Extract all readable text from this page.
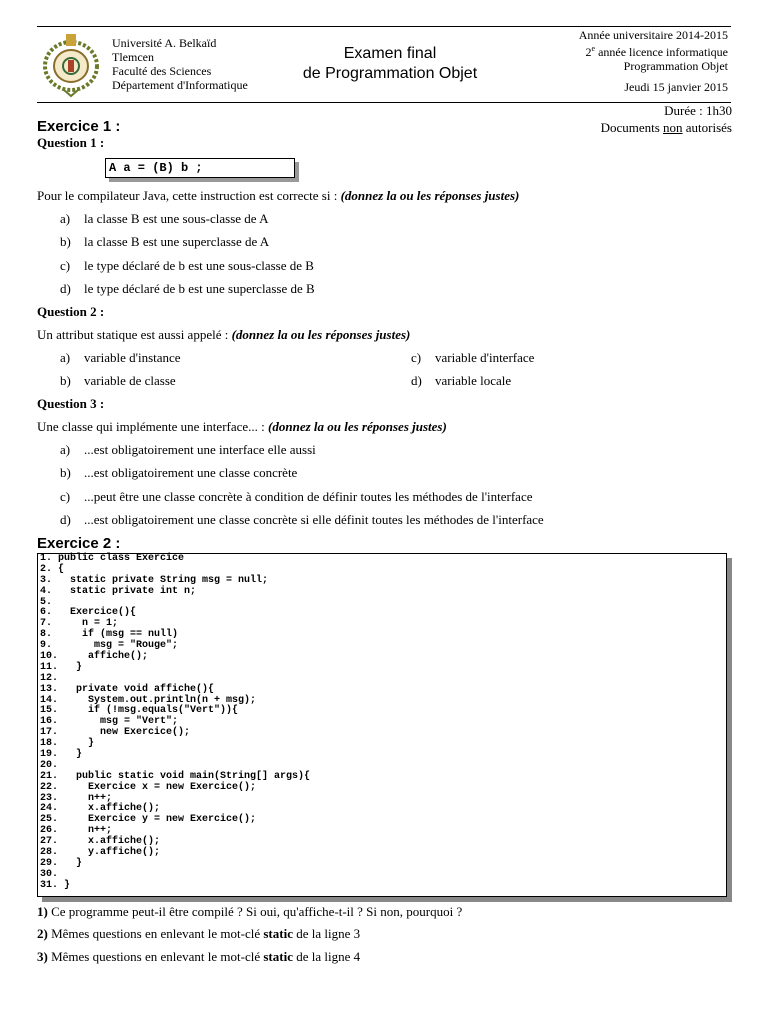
Université A. Belkaïd
Tlemcen
Faculté des Sciences
Département d'Informatique
Examen final
de Programmation Objet
Année universitaire 2014-2015
2e année licence informatique
Programmation Objet
Jeudi 15 janvier 2015
Durée : 1h30
Documents non autorisés
Exercice 1 :
Question 1 :
A a = (B) b ;
Pour le compilateur Java, cette instruction est correcte si : (donnez la ou les réponses justes)
a) la classe B est une sous-classe de A
b) la classe B est une superclasse de A
c) le type déclaré de b est une sous-classe de B
d) le type déclaré de b est une superclasse de B
Question 2 :
Un attribut statique est aussi appelé : (donnez la ou les réponses justes)
a) variable d'instance	c) variable d'interface
b) variable de classe	d) variable locale
Question 3 :
Une classe qui implémente une interface... : (donnez la ou les réponses justes)
a) ...est obligatoirement une interface elle aussi
b) ...est obligatoirement une classe concrète
c) ...peut être une classe concrète à condition de définir toutes les méthodes de l'interface
d) ...est obligatoirement une classe concrète si elle définit toutes les méthodes de l'interface
Exercice 2 :
1. public class Exercice
2. {
3.   static private String msg = null;
4.   static private int n;
5.
6.   Exercice(){
7.     n = 1;
8.     if (msg == null)
9.       msg = "Rouge";
10.     affiche();
11.   }
12.
13.   private void affiche(){
14.     System.out.println(n + msg);
15.     if (!msg.equals("Vert")){
16.       msg = "Vert";
17.       new Exercice();
18.     }
19.   }
20.
21.   public static void main(String[] args){
22.     Exercice x = new Exercice();
23.     n++;
24.     x.affiche();
25.     Exercice y = new Exercice();
26.     n++;
27.     x.affiche();
28.     y.affiche();
29.   }
30.
31. }
1) Ce programme peut-il être compilé ? Si oui, qu'affiche-t-il ? Si non, pourquoi ?
2) Mêmes questions en enlevant le mot-clé static de la ligne 3
3) Mêmes questions en enlevant le mot-clé static de la ligne 4
